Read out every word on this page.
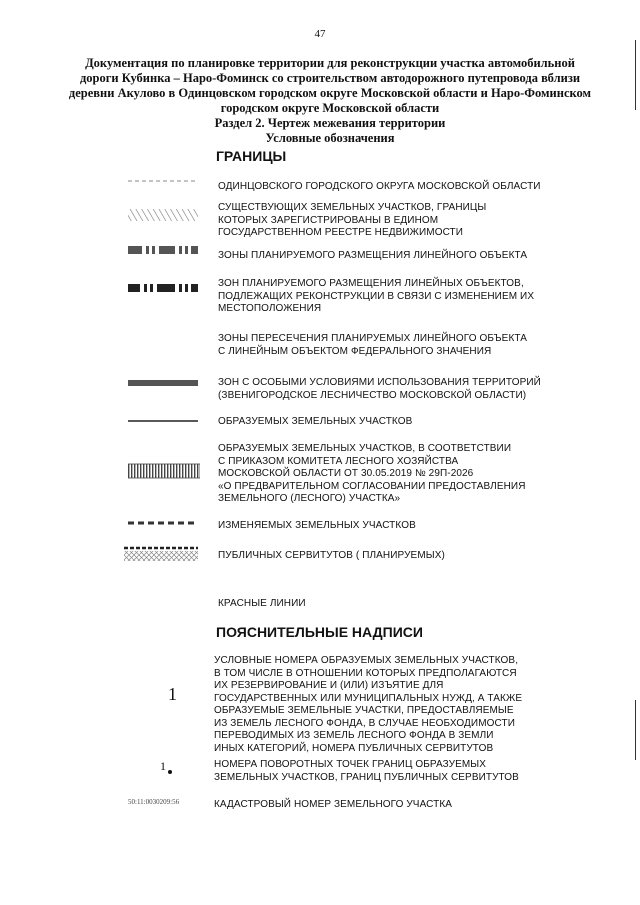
47
Документация по планировке территории для реконструкции участка автомобильной
дороги Кубинка – Наро-Фоминск со строительством автодорожного путепровода вблизи
деревни Акулово в Одинцовском городском округе Московской области и Наро-Фоминском
городском округе Московской области
Раздел 2. Чертеж межевания территории
Условные обозначения
ГРАНИЦЫ
ОДИНЦОВСКОГО ГОРОДСКОГО ОКРУГА МОСКОВСКОЙ ОБЛАСТИ
СУЩЕСТВУЮЩИХ ЗЕМЕЛЬНЫХ УЧАСТКОВ, ГРАНИЦЫ
КОТОРЫХ ЗАРЕГИСТРИРОВАНЫ В ЕДИНОМ
ГОСУДАРСТВЕННОМ РЕЕСТРЕ НЕДВИЖИМОСТИ
ЗОНЫ ПЛАНИРУЕМОГО РАЗМЕЩЕНИЯ ЛИНЕЙНОГО ОБЪЕКТА
ЗОН ПЛАНИРУЕМОГО РАЗМЕЩЕНИЯ ЛИНЕЙНЫХ ОБЪЕКТОВ,
ПОДЛЕЖАЩИХ РЕКОНСТРУКЦИИ В СВЯЗИ С ИЗМЕНЕНИЕМ ИХ
МЕСТОПОЛОЖЕНИЯ
ЗОНЫ ПЕРЕСЕЧЕНИЯ ПЛАНИРУЕМЫХ ЛИНЕЙНОГО ОБЪЕКТА
С ЛИНЕЙНЫМ ОБЪЕКТОМ ФЕДЕРАЛЬНОГО ЗНАЧЕНИЯ
ЗОН С ОСОБЫМИ УСЛОВИЯМИ ИСПОЛЬЗОВАНИЯ ТЕРРИТОРИЙ
(ЗВЕНИГОРОДСКОЕ ЛЕСНИЧЕСТВО МОСКОВСКОЙ ОБЛАСТИ)
ОБРАЗУЕМЫХ ЗЕМЕЛЬНЫХ УЧАСТКОВ
ОБРАЗУЕМЫХ ЗЕМЕЛЬНЫХ УЧАСТКОВ, В СООТВЕТСТВИИ
С ПРИКАЗОМ КОМИТЕТА ЛЕСНОГО ХОЗЯЙСТВА
МОСКОВСКОЙ ОБЛАСТИ ОТ 30.05.2019 № 29П-2026
«О ПРЕДВАРИТЕЛЬНОМ СОГЛАСОВАНИИ ПРЕДОСТАВЛЕНИЯ
ЗЕМЕЛЬНОГО (ЛЕСНОГО) УЧАСТКА»
ИЗМЕНЯЕМЫХ ЗЕМЕЛЬНЫХ УЧАСТКОВ
ПУБЛИЧНЫХ СЕРВИТУТОВ ( ПЛАНИРУЕМЫХ)
КРАСНЫЕ ЛИНИИ
ПОЯСНИТЕЛЬНЫЕ НАДПИСИ
1
1
50:11:0030209:56
УСЛОВНЫЕ НОМЕРА ОБРАЗУЕМЫХ ЗЕМЕЛЬНЫХ УЧАСТКОВ,
В ТОМ ЧИСЛЕ В ОТНОШЕНИИ КОТОРЫХ ПРЕДПОЛАГАЮТСЯ
ИХ РЕЗЕРВИРОВАНИЕ И (ИЛИ) ИЗЪЯТИЕ ДЛЯ
ГОСУДАРСТВЕННЫХ ИЛИ МУНИЦИПАЛЬНЫХ НУЖД, А ТАКЖЕ
ОБРАЗУЕМЫЕ ЗЕМЕЛЬНЫЕ УЧАСТКИ, ПРЕДОСТАВЛЯЕМЫЕ
ИЗ ЗЕМЕЛЬ ЛЕСНОГО ФОНДА, В СЛУЧАЕ НЕОБХОДИМОСТИ
ПЕРЕВОДИМЫХ ИЗ ЗЕМЕЛЬ ЛЕСНОГО ФОНДА В ЗЕМЛИ
ИНЫХ КАТЕГОРИЙ, НОМЕРА ПУБЛИЧНЫХ СЕРВИТУТОВ
НОМЕРА ПОВОРОТНЫХ ТОЧЕК ГРАНИЦ ОБРАЗУЕМЫХ
ЗЕМЕЛЬНЫХ УЧАСТКОВ, ГРАНИЦ ПУБЛИЧНЫХ СЕРВИТУТОВ
КАДАСТРОВЫЙ НОМЕР ЗЕМЕЛЬНОГО УЧАСТКА
